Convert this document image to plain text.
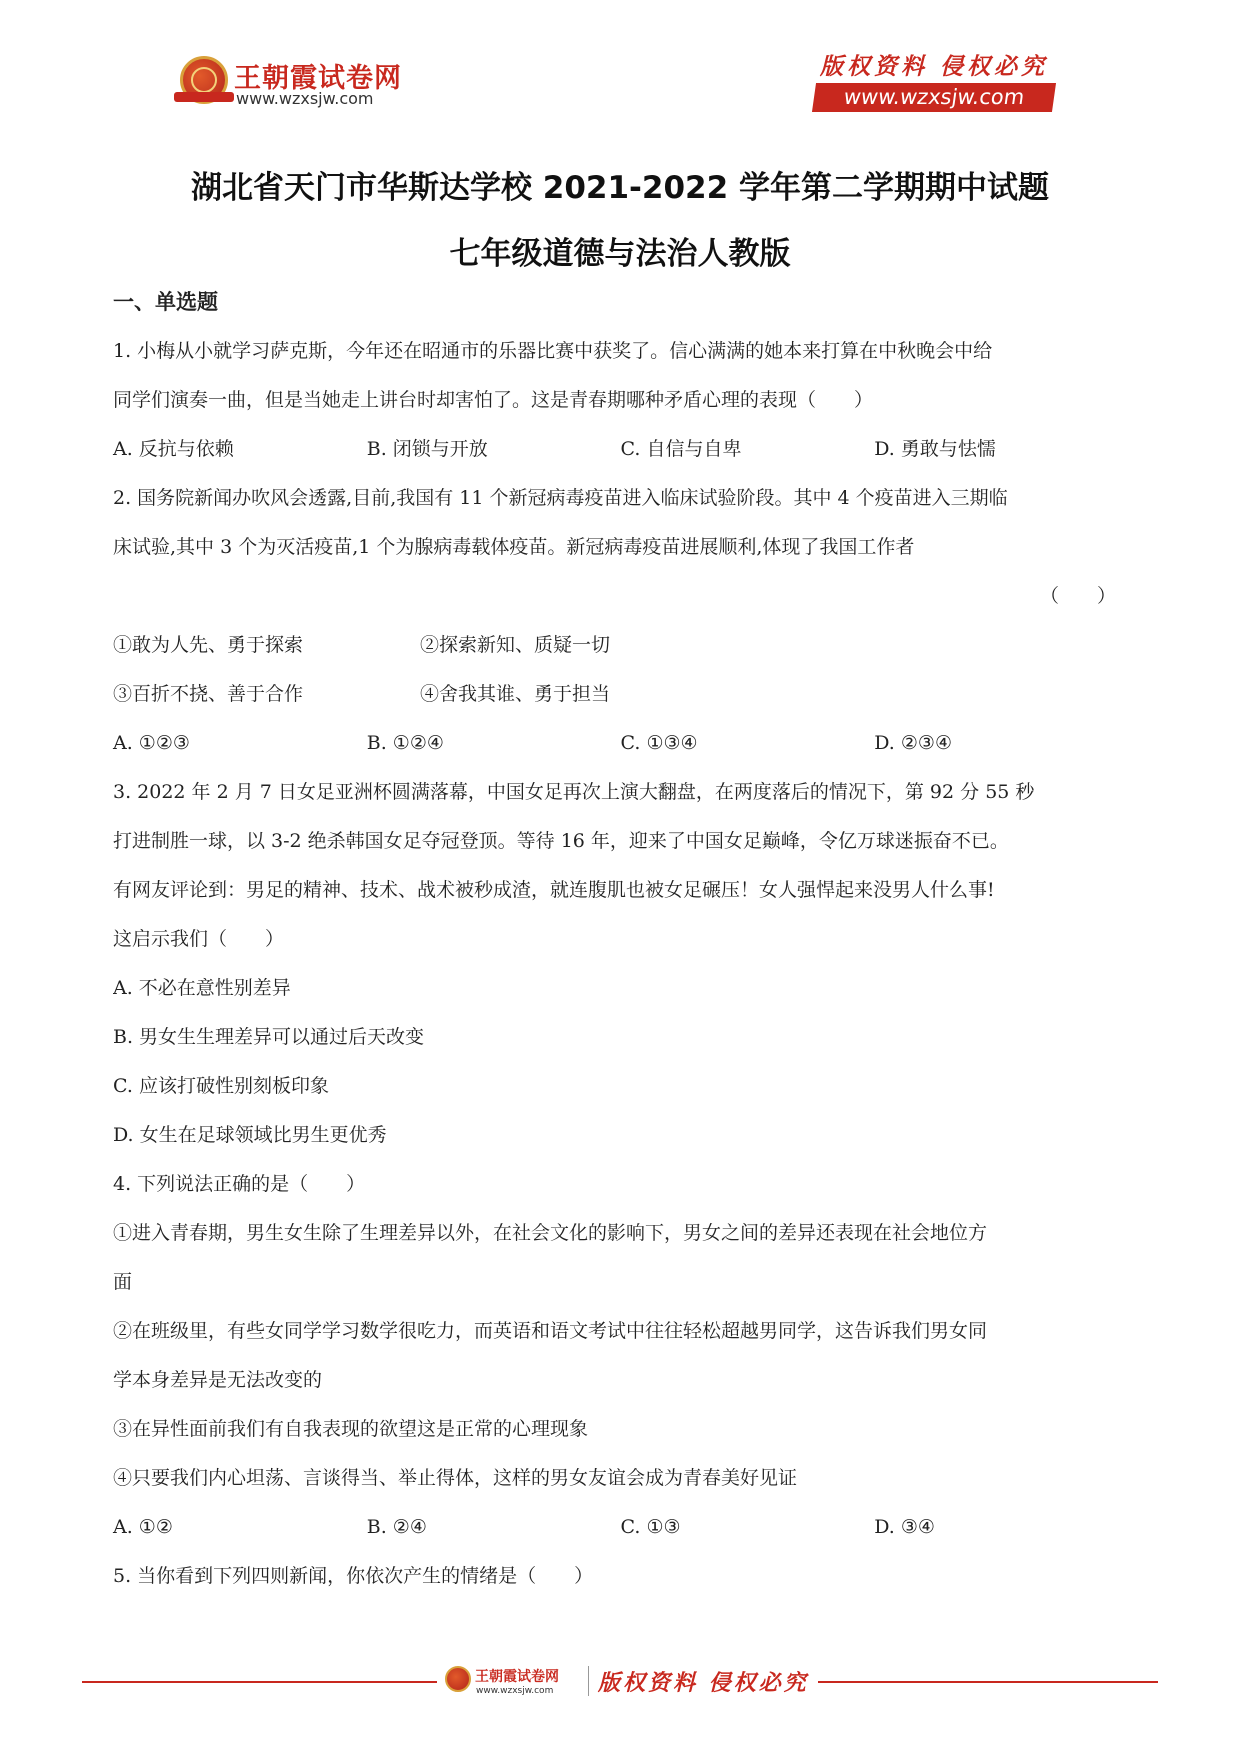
王朝霞试卷网
www.wzxsjw.com
版权资料 侵权必究
www.wzxsjw.com
湖北省天门市华斯达学校 2021-2022 学年第二学期期中试题
七年级道德与法治人教版
一、单选题
1. 小梅从小就学习萨克斯，今年还在昭通市的乐器比赛中获奖了。信心满满的她本来打算在中秋晚会中给
同学们演奏一曲，但是当她走上讲台时却害怕了。这是青春期哪种矛盾心理的表现（　　）
A. 反抗与依赖	B. 闭锁与开放	C. 自信与自卑	D. 勇敢与怯懦
2. 国务院新闻办吹风会透露,目前,我国有 11 个新冠病毒疫苗进入临床试验阶段。其中 4 个疫苗进入三期临
床试验,其中 3 个为灭活疫苗,1 个为腺病毒载体疫苗。新冠病毒疫苗进展顺利,体现了我国工作者
（　　）
①敢为人先、勇于探索	②探索新知、质疑一切
③百折不挠、善于合作	④舍我其谁、勇于担当
A. ①②③	B. ①②④	C. ①③④	D. ②③④
3. 2022 年 2 月 7 日女足亚洲杯圆满落幕，中国女足再次上演大翻盘，在两度落后的情况下，第 92 分 55 秒
打进制胜一球，以 3-2 绝杀韩国女足夺冠登顶。等待 16 年，迎来了中国女足巅峰，令亿万球迷振奋不已。
有网友评论到：男足的精神、技术、战术被秒成渣，就连腹肌也被女足碾压！女人强悍起来没男人什么事!
这启示我们（　　）
A. 不必在意性别差异
B. 男女生生理差异可以通过后天改变
C. 应该打破性别刻板印象
D. 女生在足球领域比男生更优秀
4. 下列说法正确的是（　　）
①进入青春期，男生女生除了生理差异以外，在社会文化的影响下，男女之间的差异还表现在社会地位方
面
②在班级里，有些女同学学习数学很吃力，而英语和语文考试中往往轻松超越男同学，这告诉我们男女同
学本身差异是无法改变的
③在异性面前我们有自我表现的欲望这是正常的心理现象
④只要我们内心坦荡、言谈得当、举止得体，这样的男女友谊会成为青春美好见证
A. ①②	B. ②④	C. ①③	D. ③④
5. 当你看到下列四则新闻，你依次产生的情绪是（　　）
王朝霞试卷网
www.wzxsjw.com 版权资料 侵权必究
